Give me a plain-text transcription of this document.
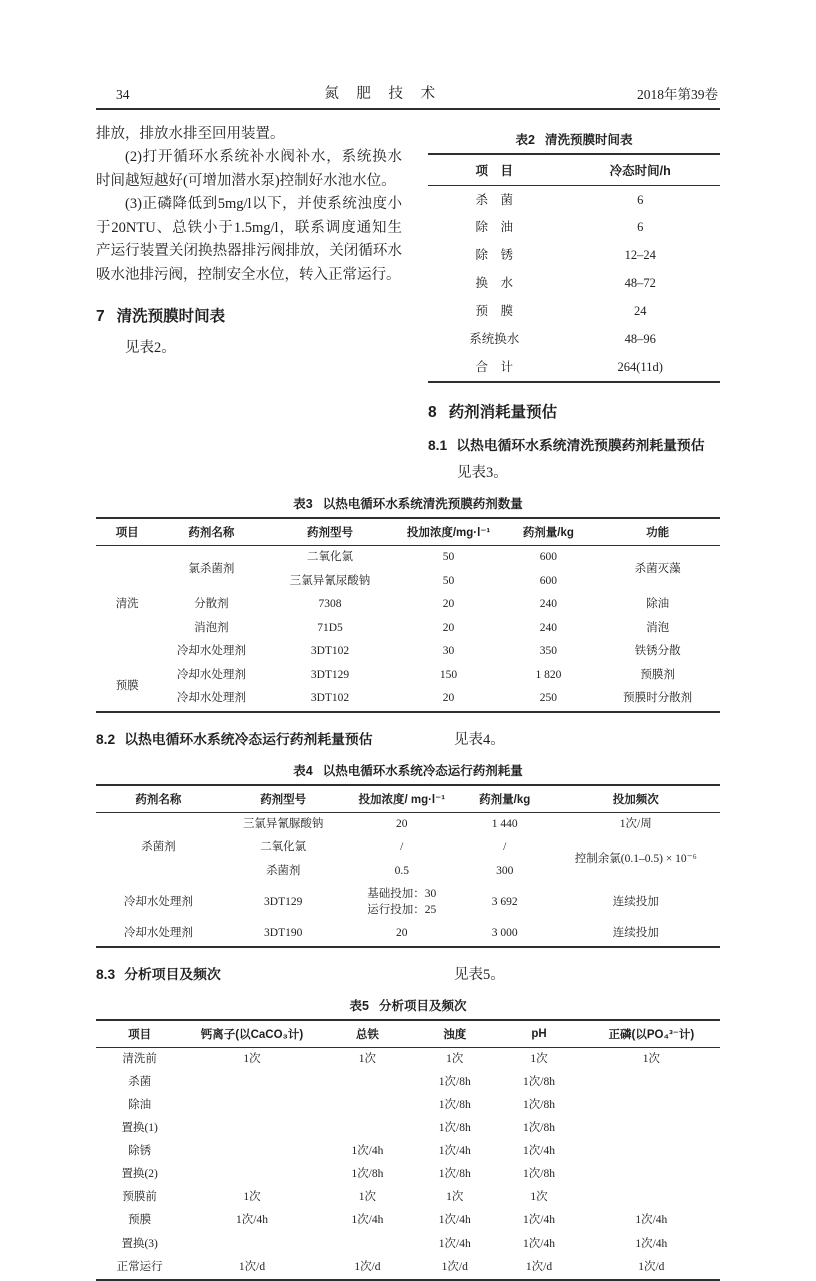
34	氮 肥 技 术	2018年第39卷

排放，排放水排至回用装置。

(2)打开循环水系统补水阀补水，系统换水时间越短越好(可增加潜水泵)控制好水池水位。

(3)正磷降低到5mg/l以下，并使系统浊度小于20NTU、总铁小于1.5mg/l，联系调度通知生产运行装置关闭换热器排污阀排放，关闭循环水吸水池排污阀，控制安全水位，转入正常运行。

7 清洗预膜时间表

见表2。

表2 清洗预膜时间表
项　目	冷态时间/h
杀　菌	6
除　油	6
除　锈	12–24
换　水	48–72
预　膜	24
系统换水	48–96
合　计	264(11d)
8 药剂消耗量预估
8.1 以热电循环水系统清洗预膜药剂耗量预估

见表3。

表3 以热电循环水系统清洗预膜药剂数量
项目	药剂名称	药剂型号	投加浓度/mg·l⁻¹	药剂量/kg	功能
清洗	氯杀菌剂	二氧化氯	50	600	杀菌灭藻
		三氯异氰尿酸钠	50	600	
	分散剂	7308	20	240	除油
	消泡剂	71D5	20	240	消泡
	冷却水处理剂	3DT102	30	350	铁锈分散
预膜	冷却水处理剂	3DT129	150	1 820	预膜剂
	冷却水处理剂	3DT102	20	250	预膜时分散剂
8.2 以热电循环水系统冷态运行药剂耗量预估	见表4。
表4 以热电循环水系统冷态运行药剂耗量
药剂名称	药剂型号	投加浓度/ mg·l⁻¹	药剂量/kg	投加频次
杀菌剂	三氯异氰脲酸钠	20	1 440	1次/周
	二氧化氯	/	/	控制余氯(0.1–0.5) × 10⁻⁶
	杀菌剂	0.5	300	
冷却水处理剂	3DT129	基础投加：30
运行投加：25	3 692	连续投加
冷却水处理剂	3DT190	20	3 000	连续投加
8.3 分析项目及频次	见表5。
表5 分析项目及频次
项目	钙离子(以CaCO₃计)	总铁	浊度	pH	正磷(以PO₄³⁻计)
清洗前	1次	1次	1次	1次	1次
杀菌			1次/8h	1次/8h	
除油			1次/8h	1次/8h	
置换(1)			1次/8h	1次/8h	
除锈		1次/4h	1次/4h	1次/4h	
置换(2)		1次/8h	1次/8h	1次/8h	
预膜前	1次	1次	1次	1次	
预膜	1次/4h	1次/4h	1次/4h	1次/4h	1次/4h
置换(3)			1次/4h	1次/4h	1次/4h
正常运行	1次/d	1次/d	1次/d	1次/d	1次/d
